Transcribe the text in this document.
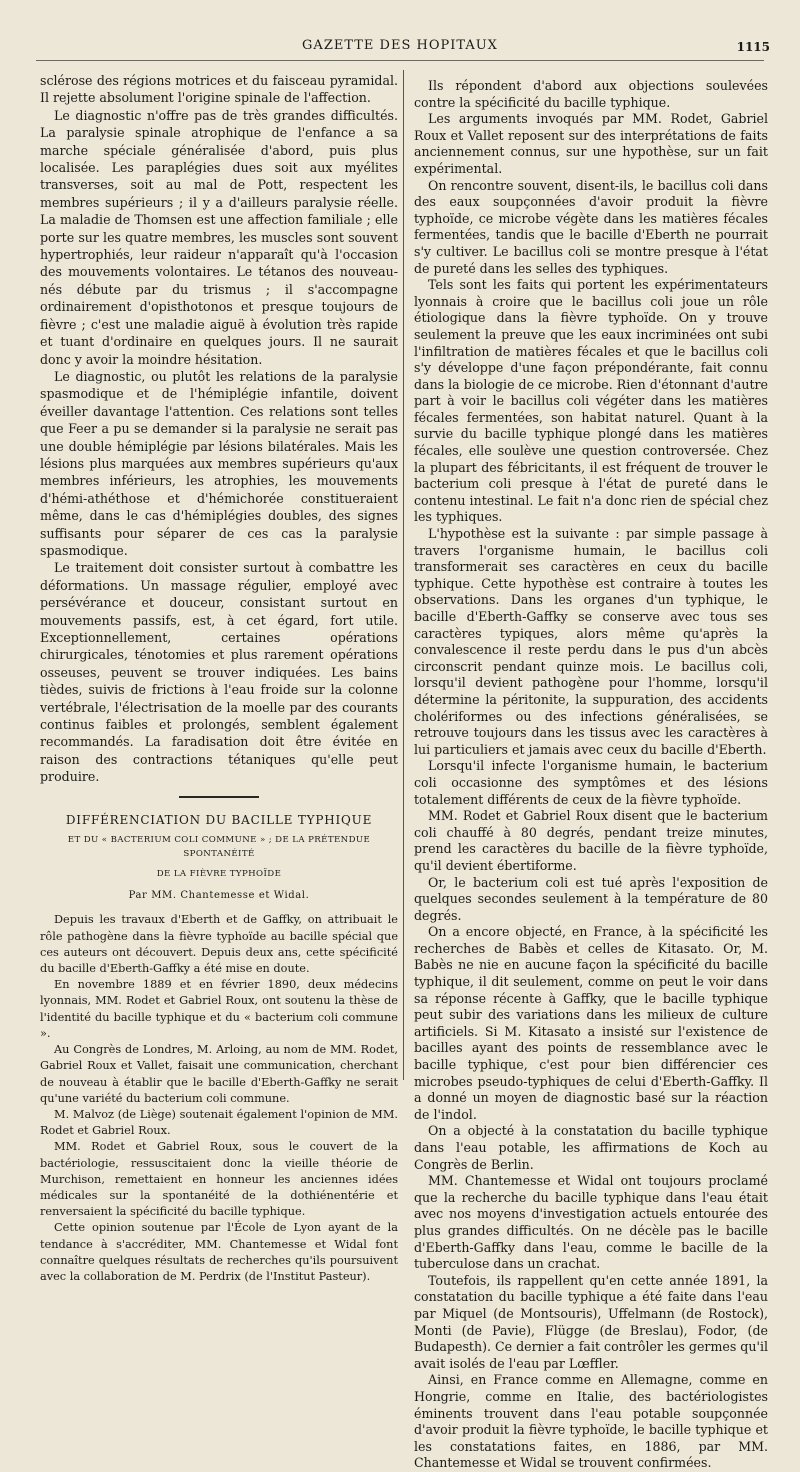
GAZETTE DES HOPITAUX	1115

sclérose des régions motrices et du faisceau pyramidal. Il rejette absolument l'origine spinale de l'affection.

Le diagnostic n'offre pas de très grandes difficultés. La paralysie spinale atrophique de l'enfance a sa marche spéciale généralisée d'abord, puis plus localisée. Les paraplégies dues soit aux myélites transverses, soit au mal de Pott, respectent les membres supérieurs ; il y a d'ailleurs paralysie réelle. La maladie de Thomsen est une affection familiale ; elle porte sur les quatre membres, les muscles sont souvent hypertrophiés, leur raideur n'apparaît qu'à l'occasion des mouvements volontaires. Le tétanos des nouveau-nés débute par du trismus ; il s'accompagne ordinairement d'opisthotonos et presque toujours de fièvre ; c'est une maladie aiguë à évolution très rapide et tuant d'ordinaire en quelques jours. Il ne saurait donc y avoir la moindre hésitation.

Le diagnostic, ou plutôt les relations de la paralysie spasmodique et de l'hémiplégie infantile, doivent éveiller davantage l'attention. Ces relations sont telles que Feer a pu se demander si la paralysie ne serait pas une double hémiplégie par lésions bilatérales. Mais les lésions plus marquées aux membres supérieurs qu'aux membres inférieurs, les atrophies, les mouvements d'hémi-athéthose et d'hémichorée constitueraient même, dans le cas d'hémiplégies doubles, des signes suffisants pour séparer de ces cas la paralysie spasmodique.

Le traitement doit consister surtout à combattre les déformations. Un massage régulier, employé avec persévérance et douceur, consistant surtout en mouvements passifs, est, à cet égard, fort utile. Exceptionnellement, certaines opérations chirurgicales, ténotomies et plus rarement opérations osseuses, peuvent se trouver indiquées. Les bains tièdes, suivis de frictions à l'eau froide sur la colonne vertébrale, l'électrisation de la moelle par des courants continus faibles et prolongés, semblent également recommandés. La faradisation doit être évitée en raison des contractions tétaniques qu'elle peut produire.

DIFFÉRENCIATION DU BACILLE TYPHIQUE
ET DU « BACTERIUM COLI COMMUNE » ; DE LA PRÉTENDUE SPONTANÉITÉ
DE LA FIÈVRE TYPHOÏDE
Par MM. Chantemesse et Widal.

Depuis les travaux d'Eberth et de Gaffky, on attribuait le rôle pathogène dans la fièvre typhoïde au bacille spécial que ces auteurs ont découvert. Depuis deux ans, cette spécificité du bacille d'Eberth-Gaffky a été mise en doute.

En novembre 1889 et en février 1890, deux médecins lyonnais, MM. Rodet et Gabriel Roux, ont soutenu la thèse de l'identité du bacille typhique et du « bacterium coli commune ».

Au Congrès de Londres, M. Arloing, au nom de MM. Rodet, Gabriel Roux et Vallet, faisait une communication, cherchant de nouveau à établir que le bacille d'Eberth-Gaffky ne serait qu'une variété du bacterium coli commune.

M. Malvoz (de Liège) soutenait également l'opinion de MM. Rodet et Gabriel Roux.

MM. Rodet et Gabriel Roux, sous le couvert de la bactériologie, ressuscitaient donc la vieille théorie de Murchison, remettaient en honneur les anciennes idées médicales sur la spontanéité de la dothiénentérie et renversaient la spécificité du bacille typhique.

Cette opinion soutenue par l'École de Lyon ayant de la tendance à s'accréditer, MM. Chantemesse et Widal font connaître quelques résultats de recherches qu'ils poursuivent avec la collaboration de M. Perdrix (de l'Institut Pasteur).

Ils répondent d'abord aux objections soulevées contre la spécificité du bacille typhique.

Les arguments invoqués par MM. Rodet, Gabriel Roux et Vallet reposent sur des interprétations de faits anciennement connus, sur une hypothèse, sur un fait expérimental.

On rencontre souvent, disent-ils, le bacillus coli dans des eaux soupçonnées d'avoir produit la fièvre typhoïde, ce microbe végète dans les matières fécales fermentées, tandis que le bacille d'Eberth ne pourrait s'y cultiver. Le bacillus coli se montre presque à l'état de pureté dans les selles des typhiques.

Tels sont les faits qui portent les expérimentateurs lyonnais à croire que le bacillus coli joue un rôle étiologique dans la fièvre typhoïde. On y trouve seulement la preuve que les eaux incriminées ont subi l'infiltration de matières fécales et que le bacillus coli s'y développe d'une façon prépondérante, fait connu dans la biologie de ce microbe. Rien d'étonnant d'autre part à voir le bacillus coli végéter dans les matières fécales fermentées, son habitat naturel. Quant à la survie du bacille typhique plongé dans les matières fécales, elle soulève une question controversée. Chez la plupart des fébricitants, il est fréquent de trouver le bacterium coli presque à l'état de pureté dans le contenu intestinal. Le fait n'a donc rien de spécial chez les typhiques.

L'hypothèse est la suivante : par simple passage à travers l'organisme humain, le bacillus coli transformerait ses caractères en ceux du bacille typhique. Cette hypothèse est contraire à toutes les observations. Dans les organes d'un typhique, le bacille d'Eberth-Gaffky se conserve avec tous ses caractères typiques, alors même qu'après la convalescence il reste perdu dans le pus d'un abcès circonscrit pendant quinze mois. Le bacillus coli, lorsqu'il devient pathogène pour l'homme, lorsqu'il détermine la péritonite, la suppuration, des accidents cholériformes ou des infections généralisées, se retrouve toujours dans les tissus avec les caractères à lui particuliers et jamais avec ceux du bacille d'Eberth.

Lorsqu'il infecte l'organisme humain, le bacterium coli occasionne des symptômes et des lésions totalement différents de ceux de la fièvre typhoïde.

MM. Rodet et Gabriel Roux disent que le bacterium coli chauffé à 80 degrés, pendant treize minutes, prend les caractères du bacille de la fièvre typhoïde, qu'il devient ébertiforme.

Or, le bacterium coli est tué après l'exposition de quelques secondes seulement à la température de 80 degrés.

On a encore objecté, en France, à la spécificité les recherches de Babès et celles de Kitasato. Or, M. Babès ne nie en aucune façon la spécificité du bacille typhique, il dit seulement, comme on peut le voir dans sa réponse récente à Gaffky, que le bacille typhique peut subir des variations dans les milieux de culture artificiels. Si M. Kitasato a insisté sur l'existence de bacilles ayant des points de ressemblance avec le bacille typhique, c'est pour bien différencier ces microbes pseudo-typhiques de celui d'Eberth-Gaffky. Il a donné un moyen de diagnostic basé sur la réaction de l'indol.

On a objecté à la constatation du bacille typhique dans l'eau potable, les affirmations de Koch au Congrès de Berlin.

MM. Chantemesse et Widal ont toujours proclamé que la recherche du bacille typhique dans l'eau était avec nos moyens d'investigation actuels entourée des plus grandes difficultés. On ne décèle pas le bacille d'Eberth-Gaffky dans l'eau, comme le bacille de la tuberculose dans un crachat.

Toutefois, ils rappellent qu'en cette année 1891, la constatation du bacille typhique a été faite dans l'eau par Miquel (de Montsouris), Uffelmann (de Rostock), Monti (de Pavie), Flügge (de Breslau), Fodor, (de Budapesth). Ce dernier a fait contrôler les germes qu'il avait isolés de l'eau par Lœffler.

Ainsi, en France comme en Allemagne, comme en Hongrie, comme en Italie, des bactériologistes éminents trouvent dans l'eau potable soupçonnée d'avoir produit la fièvre typhoïde, le bacille typhique et les constatations faites, en 1886, par MM. Chantemesse et Widal se trouvent confirmées.
